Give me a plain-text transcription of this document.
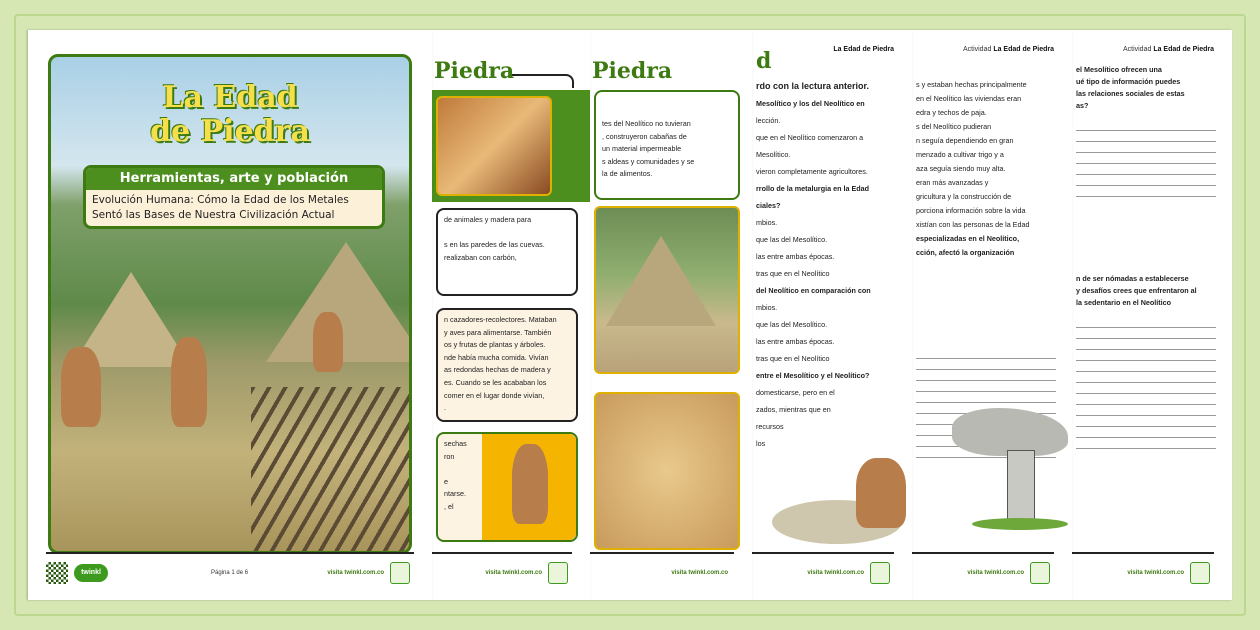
La Edad
de Piedra
Herramientas, arte y población
Evolución Humana: Cómo la Edad de los Metales Sentó las Bases de Nuestra Civilización Actual
twinkl	Página 1 de 6	visita twinkl.com.co
Piedra

de animales y madera para

s en las paredes de las cuevas.

realizaban con carbón,

n cazadores-recolectores. Mataban

y aves para alimentarse. También

os y frutas de plantas y árboles.

nde había mucha comida. Vivían

as redondas hechas de madera y

es. Cuando se les acababan los

comer en el lugar donde vivían,

.

sechas

ron

e

ntarse.

, el

visita twinkl.com.co
Piedra

tes del Neolítico no tuvieran

, construyeron cabañas de

un material impermeable

s aldeas y comunidades y se

la de alimentos.

visita twinkl.com.co
La Edad de Piedra
d

rdo con la lectura anterior.

Mesolítico y los del Neolítico en

lección.

que en el Neolítico comenzaron a

Mesolítico.

vieron completamente agricultores.

rrollo de la metalurgia en la Edad

ciales?

mbios.

que las del Mesolítico.

las entre ambas épocas.

tras que en el Neolítico

del Neolítico en comparación con

mbios.

que las del Mesolítico.

las entre ambas épocas.

tras que en el Neolítico

entre el Mesolítico y el Neolítico?

domesticarse, pero en el

zados, mientras que en

recursos

los

visita twinkl.com.co
Actividad La Edad de Piedra

s y estaban hechas principalmente

en el Neolítico las viviendas eran

edra y techos de paja.

s del Neolítico pudieran

n seguía dependiendo en gran

menzado a cultivar trigo y a

aza seguía siendo muy alta.

eran más avanzadas y

gricultura y la construcción de

porciona información sobre la vida

xistían con las personas de la Edad

especializadas en el Neolítico,

cción, afectó la organización

visita twinkl.com.co
Actividad La Edad de Piedra

el Mesolítico ofrecen una

ué tipo de información puedes

las relaciones sociales de estas

as?

n de ser nómadas a establecerse

y desafíos crees que enfrentaron al

la sedentario en el Neolítico

visita twinkl.com.co
